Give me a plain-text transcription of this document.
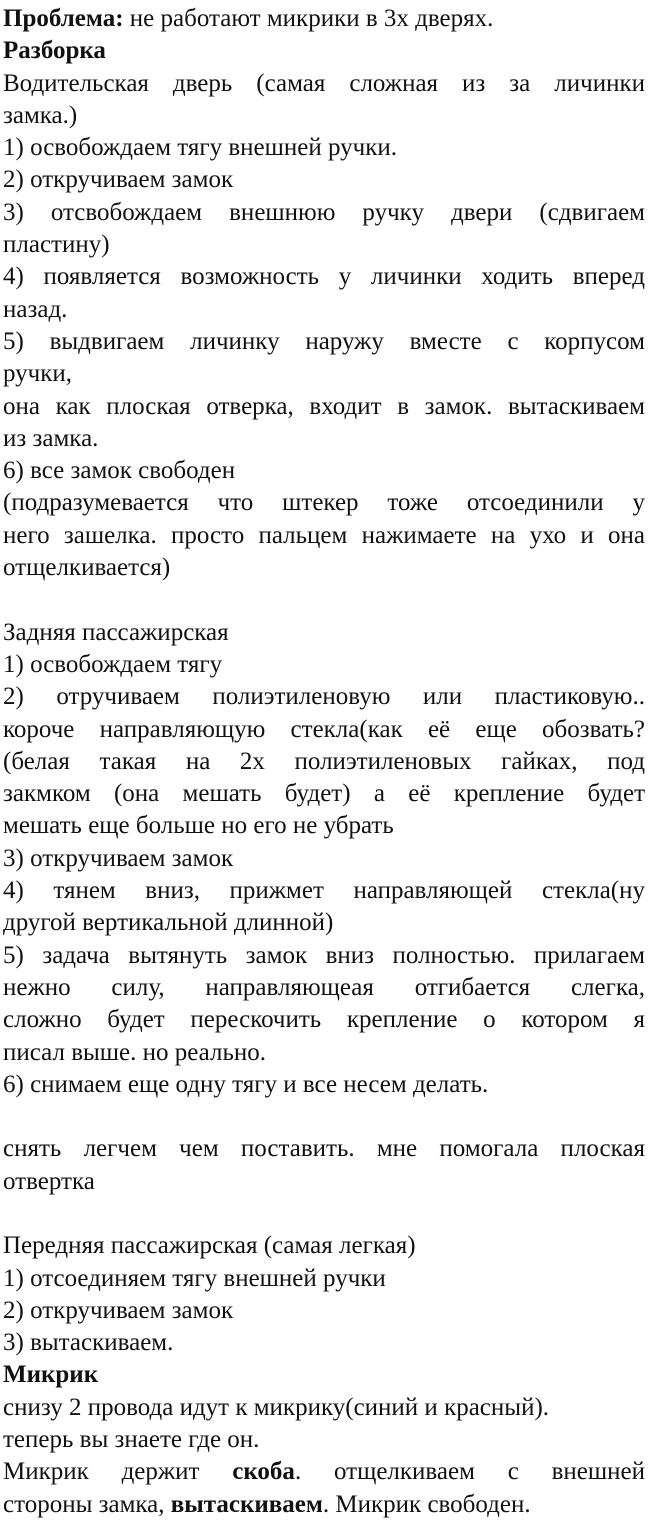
Проблема: не работают микрики в 3х дверях.
Разборка
Водительская дверь (самая сложная из за личинки
замка.)
1) освобождаем тягу внешней ручки.
2) откручиваем замок
3) отсвобождаем внешнюю ручку двери (сдвигаем
пластину)
4) появляется возможность у личинки ходить вперед
назад.
5) выдвигаем личинку наружу вместе с корпусом
ручки,
она как плоская отверка, входит в замок. вытаскиваем
из замка.
6) все замок свободен
(подразумевается что штекер тоже отсоединили у
него зашелка. просто пальцем нажимаете на ухо и она
отщелкивается)
Задняя пассажирская
1) освобождаем тягу
2) отручиваем полиэтиленовую или пластиковую..
короче направляющую стекла(как её еще обозвать?
(белая такая на 2х полиэтиленовых гайках, под
закмком (она мешать будет) а её крепление будет
мешать еще больше но его не убрать
3) откручиваем замок
4) тянем вниз, прижмет направляющей стекла(ну
другой вертикальной длинной)
5) задача вытянуть замок вниз полностью. прилагаем
нежно силу, направляющеая отгибается слегка,
сложно будет перескочить крепление о котором я
писал выше. но реально.
6) снимаем еще одну тягу и все несем делать.
снять легчем чем поставить. мне помогала плоская
отвертка
Передняя пассажирская (самая легкая)
1) отсоединяем тягу внешней ручки
2) откручиваем замок
3) вытаскиваем.
Микрик
снизу 2 провода идут к микрику(синий и красный).
теперь вы знаете где он.
Микрик держит скоба. отщелкиваем с внешней
стороны замка, вытаскиваем. Микрик свободен.
